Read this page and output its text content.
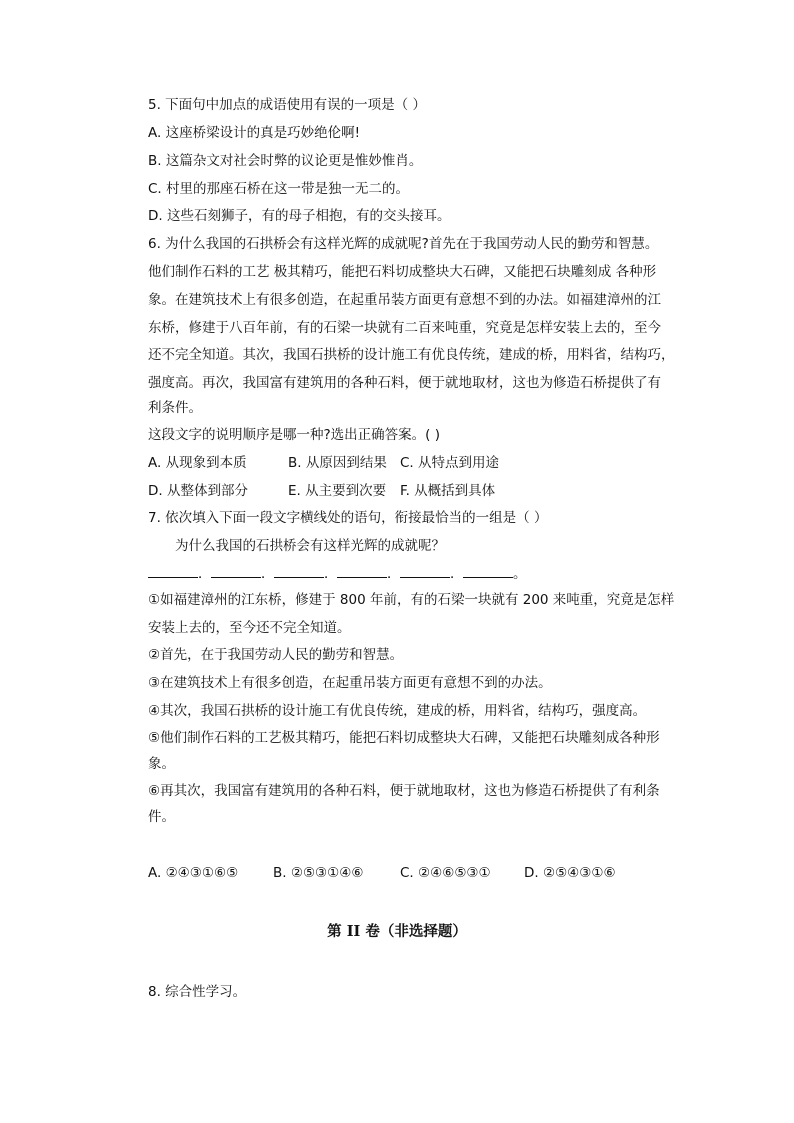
5. 下面句中加点的成语使用有误的一项是（ ）
A. 这座桥梁设计的真是巧妙绝伦啊!
B. 这篇杂文对社会时弊的议论更是惟妙惟肖。
C. 村里的那座石桥在这一带是独一无二的。
D. 这些石刻狮子，有的母子相抱，有的交头接耳。
6. 为什么我国的石拱桥会有这样光辉的成就呢?首先在于我国劳动人民的勤劳和智慧。
他们制作石料的工艺 极其精巧，能把石料切成整块大石碑，又能把石块雕刻成 各种形
象。在建筑技术上有很多创造，在起重吊装方面更有意想不到的办法。如福建漳州的江
东桥，修建于八百年前，有的石梁一块就有二百来吨重，究竟是怎样安装上去的，至今
还不完全知道。其次，我国石拱桥的设计施工有优良传统，建成的桥，用料省，结构巧，
强度高。再次，我国富有建筑用的各种石料，便于就地取材，这也为修造石桥提供了有
利条件。
这段文字的说明顺序是哪一种?选出正确答案。( )
A. 从现象到本质	B. 从原因到结果 C. 从特点到用途
D. 从整体到部分	E. 从主要到次要 F. 从概括到具体
7. 依次填入下面一段文字横线处的语句，衔接最恰当的一组是（ ）
为什么我国的石拱桥会有这样光辉的成就呢？
．	．	．	．	．	。
①如福建漳州的江东桥，修建于 800 年前，有的石梁一块就有 200 来吨重，究竟是怎样
安装上去的，至今还不完全知道。
②首先，在于我国劳动人民的勤劳和智慧。
③在建筑技术上有很多创造，在起重吊装方面更有意想不到的办法。
④其次，我国石拱桥的设计施工有优良传统，建成的桥，用料省，结构巧，强度高。
⑤他们制作石料的工艺极其精巧，能把石料切成整块大石碑，又能把石块雕刻成各种形
象。
⑥再其次，我国富有建筑用的各种石料，便于就地取材，这也为修造石桥提供了有利条
件。
A. ②④③①⑥⑤	B. ②⑤③①④⑥	C. ②④⑥⑤③① D. ②⑤④③①⑥
第 II 卷（非选择题）
8. 综合性学习。
